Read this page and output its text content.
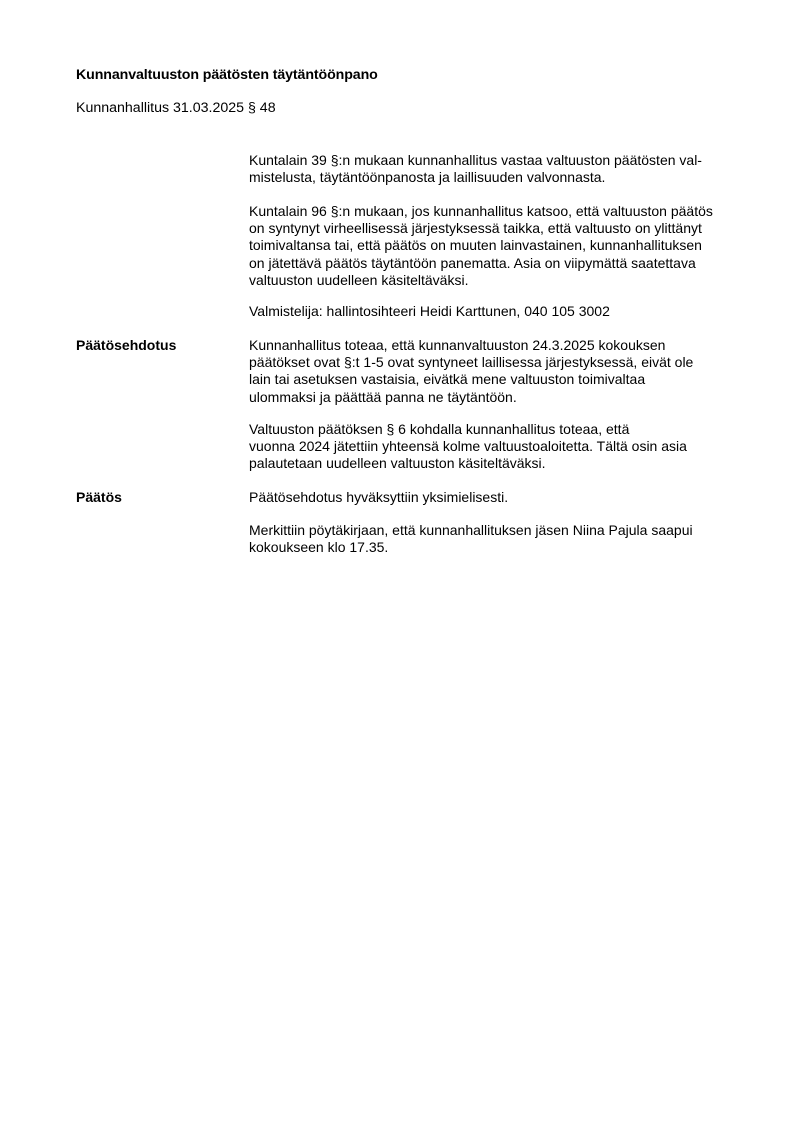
Kunnanvaltuuston päätösten täytäntöönpano
Kunnanhallitus 31.03.2025 § 48
Kuntalain 39 §:n mukaan kunnanhallitus vastaa valtuuston päätösten val-
mistelusta, täytäntöönpanosta ja laillisuuden valvonnasta.
Kuntalain 96 §:n mukaan, jos kunnanhallitus katsoo, että valtuuston päätös
on syntynyt virheellisessä järjestyksessä taikka, että valtuusto on ylittänyt
toimivaltansa tai, että päätös on muuten lainvastainen, kunnanhallituksen
on jätettävä päätös täytäntöön panematta. Asia on viipymättä saatettava
valtuuston uudelleen käsiteltäväksi.
Valmistelija: hallintosihteeri Heidi Karttunen, 040 105 3002
Päätösehdotus	Kunnanhallitus toteaa, että kunnanvaltuuston 24.3.2025 kokouksen
päätökset ovat §:t 1-5 ovat syntyneet laillisessa järjestyksessä, eivät ole
lain tai asetuksen vastaisia, eivätkä mene valtuuston toimivaltaa
ulommaksi ja päättää panna ne täytäntöön.
Valtuuston päätöksen § 6 kohdalla kunnanhallitus toteaa, että
vuonna 2024 jätettiin yhteensä kolme valtuustoaloitetta. Tältä osin asia
palautetaan uudelleen valtuuston käsiteltäväksi.
Päätös	Päätösehdotus hyväksyttiin yksimielisesti.
Merkittiin pöytäkirjaan, että kunnanhallituksen jäsen Niina Pajula saapui
kokoukseen klo 17.35.
